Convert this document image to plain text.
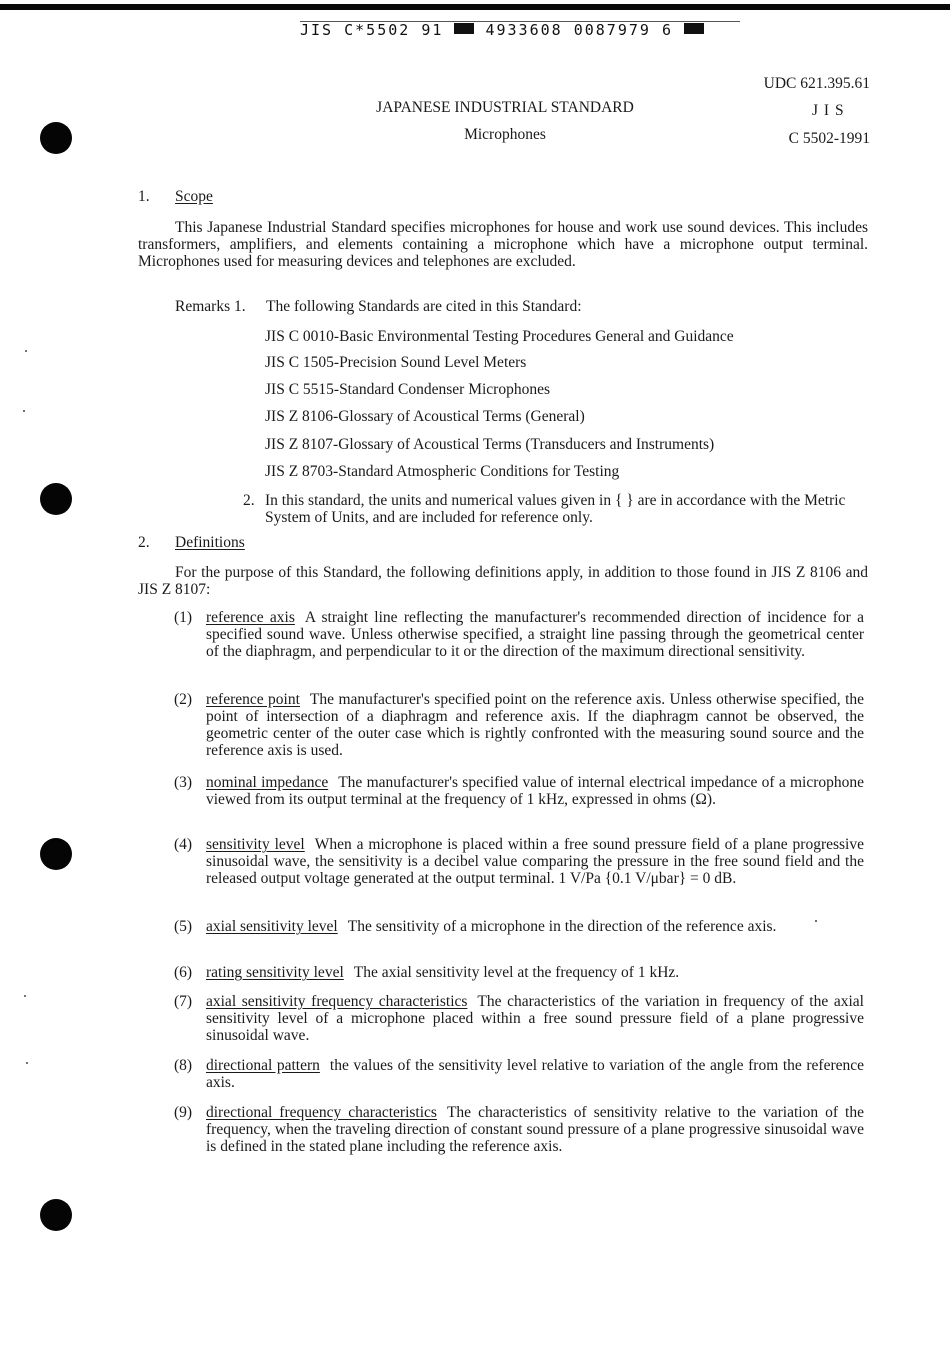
JIS C*5502 91	4933608 0087979 6
UDC 621.395.61
JAPANESE INDUSTRIAL STANDARD	J I S
Microphones	C 5502-1991
1. Scope
This Japanese Industrial Standard specifies microphones for house and work use sound devices. This includes transformers, amplifiers, and elements containing a microphone which have a microphone output terminal. Microphones used for measuring devices and telephones are excluded.
Remarks 1. The following Standards are cited in this Standard:
JIS C 0010-Basic Environmental Testing Procedures General and Guidance
JIS C 1505-Precision Sound Level Meters
JIS C 5515-Standard Condenser Microphones
JIS Z 8106-Glossary of Acoustical Terms (General)
JIS Z 8107-Glossary of Acoustical Terms (Transducers and Instruments)
JIS Z 8703-Standard Atmospheric Conditions for Testing
2. In this standard, the units and numerical values given in { } are in accordance with the Metric System of Units, and are included for reference only.
2. Definitions
For the purpose of this Standard, the following definitions apply, in addition to those found in JIS Z 8106 and JIS Z 8107:
(1) reference axis A straight line reflecting the manufacturer's recommended direction of incidence for a specified sound wave. Unless otherwise specified, a straight line passing through the geometrical center of the diaphragm, and perpendicular to it or the direction of the maximum directional sensitivity.
(2) reference point The manufacturer's specified point on the reference axis. Unless otherwise specified, the point of intersection of a diaphragm and reference axis. If the diaphragm cannot be observed, the geometric center of the outer case which is rightly confronted with the measuring sound source and the reference axis is used.
(3) nominal impedance The manufacturer's specified value of internal electrical impedance of a microphone viewed from its output terminal at the frequency of 1 kHz, expressed in ohms (Ω).
(4) sensitivity level When a microphone is placed within a free sound pressure field of a plane progressive sinusoidal wave, the sensitivity is a decibel value comparing the pressure in the free sound field and the released output voltage generated at the output terminal. 1 V/Pa {0.1 V/μbar} = 0 dB.
(5) axial sensitivity level The sensitivity of a microphone in the direction of the reference axis.
(6) rating sensitivity level The axial sensitivity level at the frequency of 1 kHz.
(7) axial sensitivity frequency characteristics The characteristics of the variation in frequency of the axial sensitivity level of a microphone placed within a free sound pressure field of a plane progressive sinusoidal wave.
(8) directional pattern the values of the sensitivity level relative to variation of the angle from the reference axis.
(9) directional frequency characteristics The characteristics of sensitivity relative to the variation of the frequency, when the traveling direction of constant sound pressure of a plane progressive sinusoidal wave is defined in the stated plane including the reference axis.
